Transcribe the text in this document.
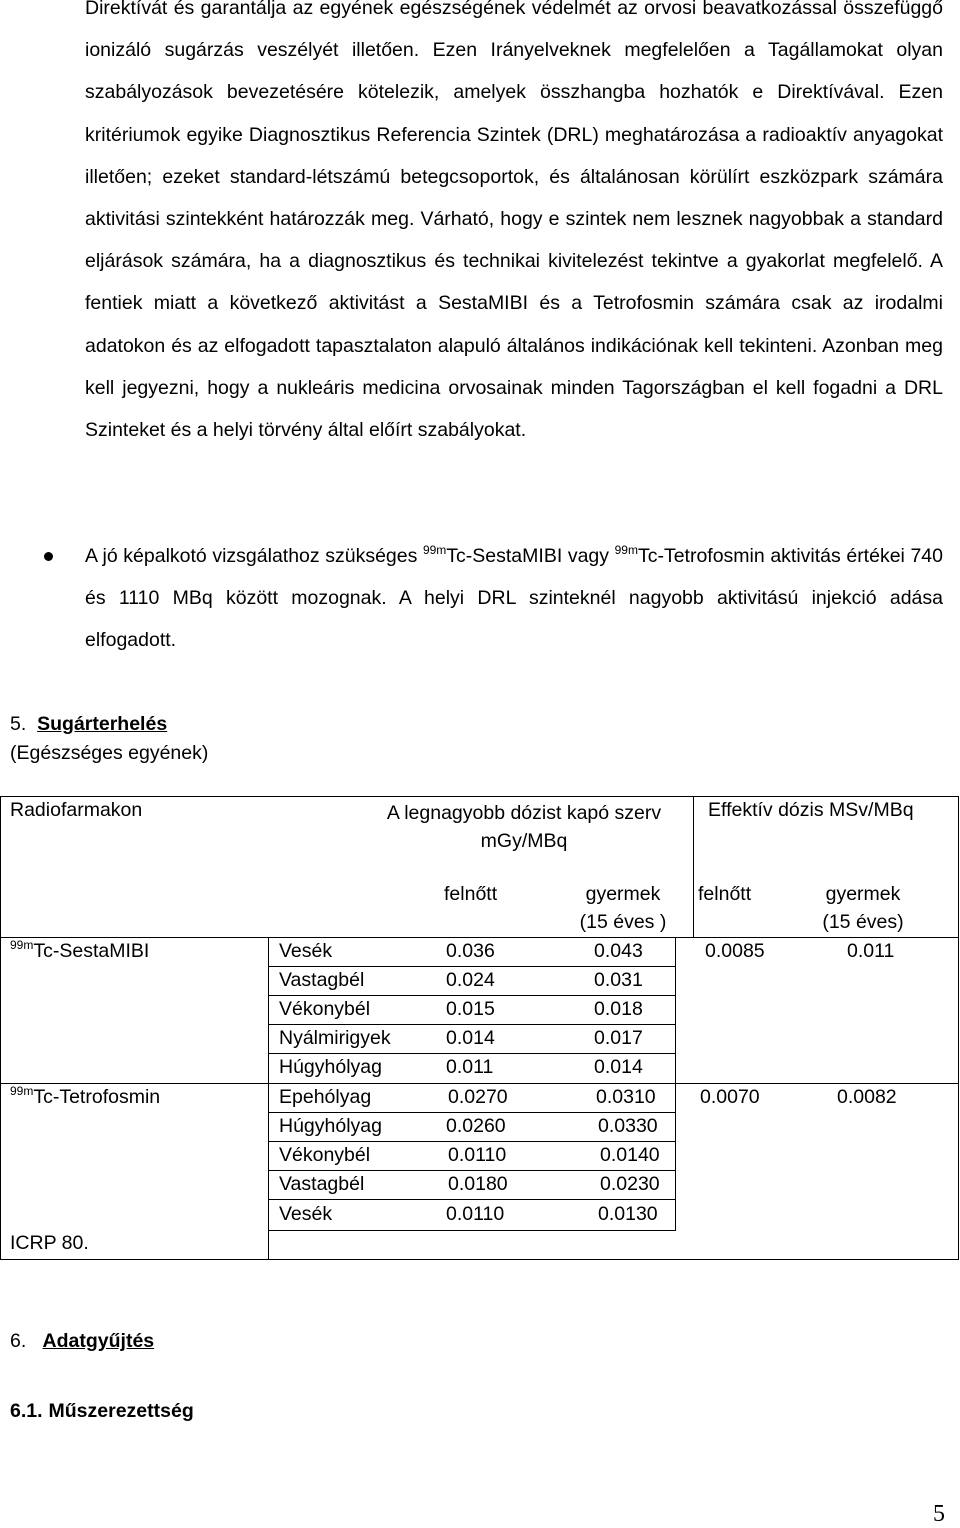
Direktívát és garantálja az egyének egészségének védelmét az orvosi beavatkozással összefüggő ionizáló sugárzás veszélyét illetően. Ezen Irányelveknek megfelelően a Tagállamokat olyan szabályozások bevezetésére kötelezik, amelyek összhangba hozhatók e Direktívával. Ezen kritériumok egyike Diagnosztikus Referencia Szintek (DRL) meghatározása a radioaktív anyagokat illetően; ezeket standard-létszámú betegcsoportok, és általánosan körülírt eszközpark számára aktivitási szintekként határozzák meg. Várható, hogy e szintek nem lesznek nagyobbak a standard eljárások számára, ha a diagnosztikus és technikai kivitelezést tekintve a gyakorlat megfelelő. A fentiek miatt a következő aktivitást a SestaMIBI és a Tetrofosmin számára csak az irodalmi adatokon és az elfogadott tapasztalaton alapuló általános indikációnak kell tekinteni. Azonban meg kell jegyezni, hogy a nukleáris medicina orvosainak minden Tagországban el kell fogadni a DRL Szinteket és a helyi törvény által előírt szabályokat.

A jó képalkotó vizsgálathoz szükséges $^{99m}$Tc-SestaMIBI vagy $^{99m}$Tc-Tetrofosmin aktivitás értékei 740 és 1110 MBq között mozognak. A helyi DRL szinteknél nagyobb aktivitású injekció adása elfogadott.

5. Sugárterhelés
(Egészséges egyének)
Radiofarmakon	A legnagyobb dózist kapó szerv mGy/MBq
Effektív dózis MSv/MBq
felnőtt	gyermek
(15 éves )
felnőtt	gyermek
(15 éves)
$^{99m}$Tc-SestaMIBI	0.0085	0.011
Vesék	0.036	0.043
Vastagbél	0.024	0.031
Vékonybél	0.015	0.018
Nyálmirigyek	0.014	0.017
Húgyhólyag	0.011	0.014
$^{99m}$Tc-Tetrofosmin	0.0070	0.0082
Epehólyag	0.0270	0.0310
Húgyhólyag	0.0260	0.0330
Vékonybél	0.0110	0.0140
Vastagbél	0.0180	0.0230
Vesék	0.0110	0.0130
ICRP 80.
6. Adatgyűjtés
6.1. Műszerezettség
5
